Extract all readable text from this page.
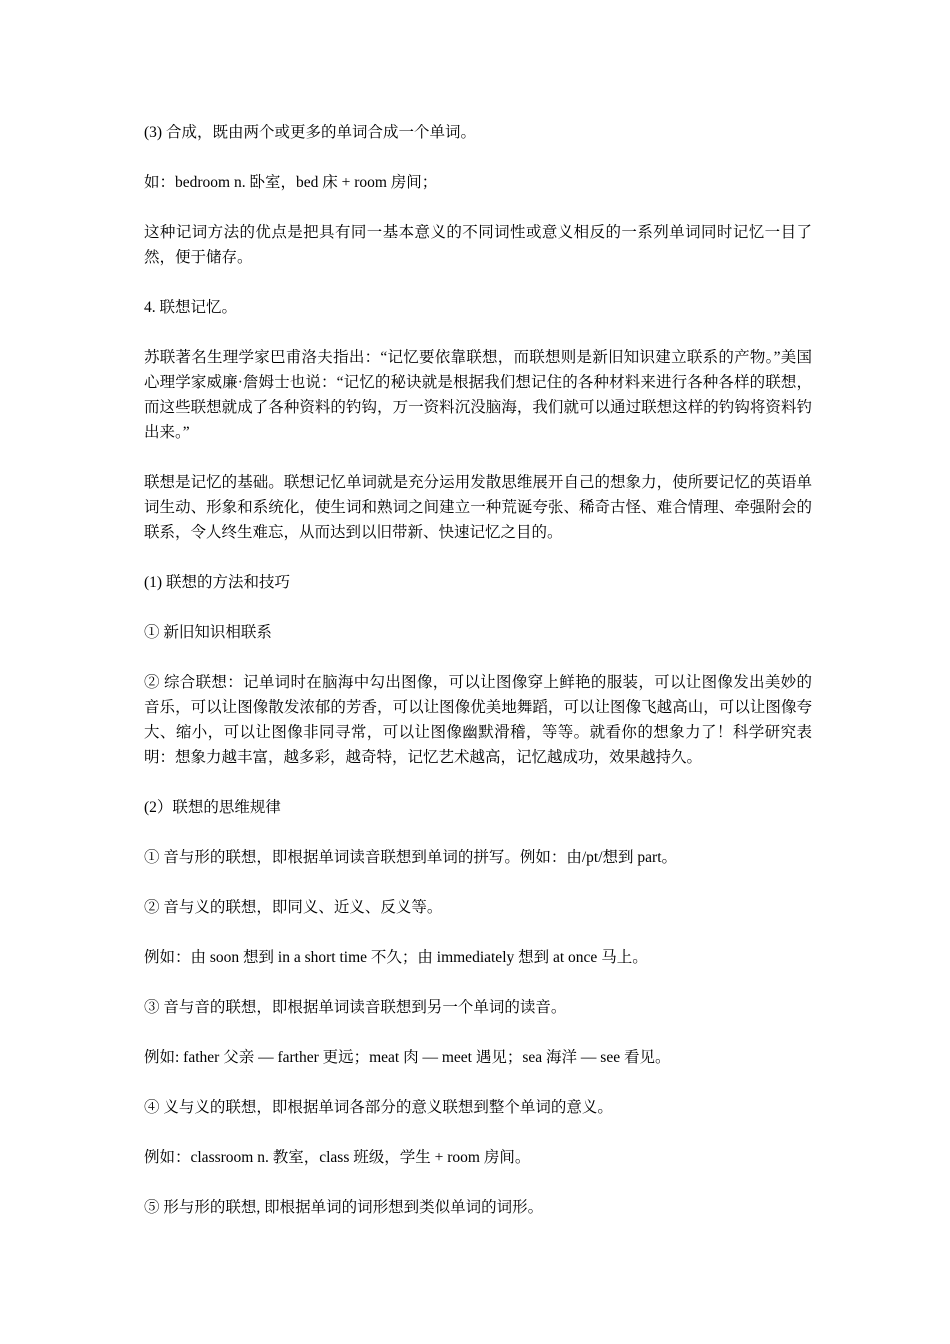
(3) 合成，既由两个或更多的单词合成一个单词。

如：bedroom n. 卧室，bed 床 + room 房间；

这种记词方法的优点是把具有同一基本意义的不同词性或意义相反的一系列单词同时记忆一目了然，便于储存。

4. 联想记忆。

苏联著名生理学家巴甫洛夫指出：“记忆要依靠联想，而联想则是新旧知识建立联系的产物。”美国心理学家威廉·詹姆士也说：“记忆的秘诀就是根据我们想记住的各种材料来进行各种各样的联想，而这些联想就成了各种资料的钓钩，万一资料沉没脑海，我们就可以通过联想这样的钓钩将资料钓出来。”

联想是记忆的基础。联想记忆单词就是充分运用发散思维展开自己的想象力，使所要记忆的英语单词生动、形象和系统化，使生词和熟词之间建立一种荒诞夸张、稀奇古怪、难合情理、牵强附会的联系，令人终生难忘，从而达到以旧带新、快速记忆之目的。

(1) 联想的方法和技巧

① 新旧知识相联系

② 综合联想：记单词时在脑海中勾出图像，可以让图像穿上鲜艳的服装，可以让图像发出美妙的音乐，可以让图像散发浓郁的芳香，可以让图像优美地舞蹈，可以让图像飞越高山，可以让图像夸大、缩小，可以让图像非同寻常，可以让图像幽默滑稽，等等。就看你的想象力了！科学研究表明：想象力越丰富，越多彩，越奇特，记忆艺术越高，记忆越成功，效果越持久。

(2）联想的思维规律

① 音与形的联想，即根据单词读音联想到单词的拼写。例如：由/pt/想到 part。

② 音与义的联想，即同义、近义、反义等。

例如：由 soon 想到 in a short time 不久；由 immediately 想到 at once 马上。

③ 音与音的联想，即根据单词读音联想到另一个单词的读音。

例如: father 父亲 — farther 更远；meat 肉 — meet 遇见；sea 海洋 — see 看见。

④ 义与义的联想，即根据单词各部分的意义联想到整个单词的意义。

例如：classroom n. 教室，class 班级，学生 + room 房间。

⑤ 形与形的联想, 即根据单词的词形想到类似单词的词形。
